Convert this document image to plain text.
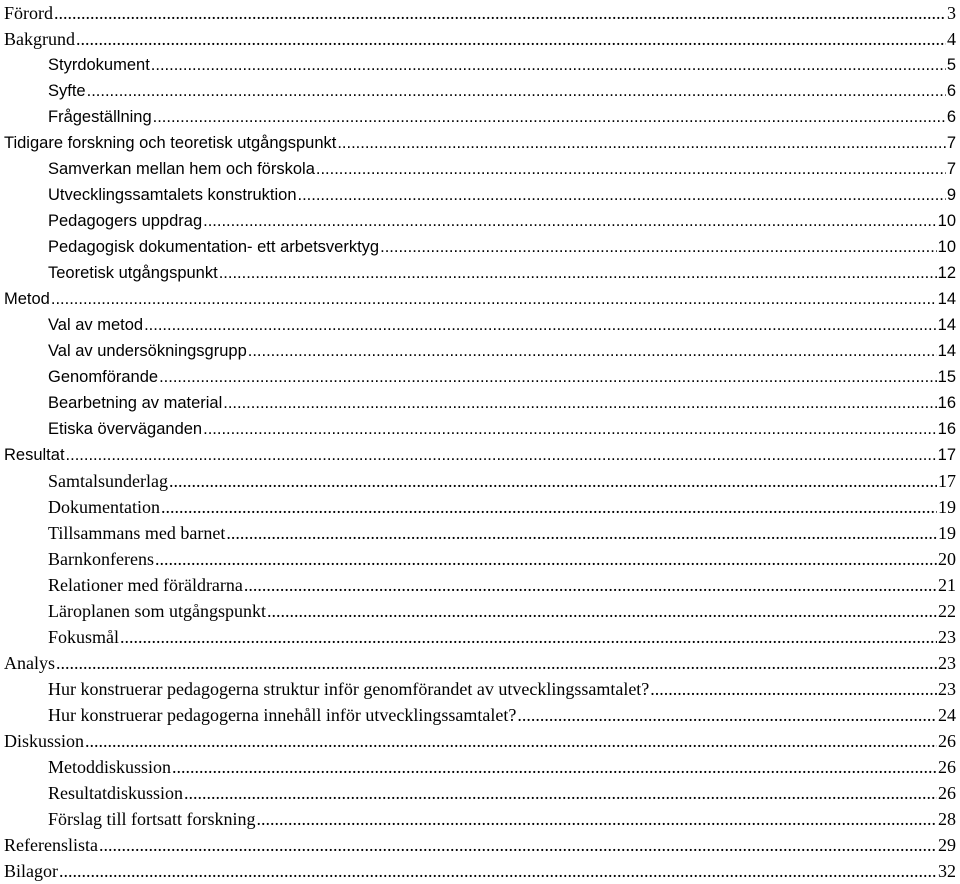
Förord .....	3
Bakgrund .....	4
Styrdokument .....	5
Syfte .....	6
Frågeställning .....	6
Tidigare forskning och teoretisk utgångspunkt .....	7
Samverkan mellan hem och förskola .....	7
Utvecklingssamtalets konstruktion .....	9
Pedagogers uppdrag .....	10
Pedagogisk dokumentation- ett arbetsverktyg .....	10
Teoretisk utgångspunkt .....	12
Metod .....	14
Val av metod .....	14
Val av undersökningsgrupp .....	14
Genomförande .....	15
Bearbetning av material .....	16
Etiska överväganden .....	16
Resultat .....	17
Samtalsunderlag .....	17
Dokumentation .....	19
Tillsammans med barnet .....	19
Barnkonferens .....	20
Relationer med föräldrarna .....	21
Läroplanen som utgångspunkt .....	22
Fokusmål .....	23
Analys .....	23
Hur konstruerar pedagogerna struktur inför genomförandet av utvecklingssamtalet? .....	23
Hur konstruerar pedagogerna innehåll inför utvecklingssamtalet? .....	24
Diskussion .....	26
Metoddiskussion .....	26
Resultatdiskussion .....	26
Förslag till fortsatt forskning .....	28
Referenslista .....	29
Bilagor .....	32
